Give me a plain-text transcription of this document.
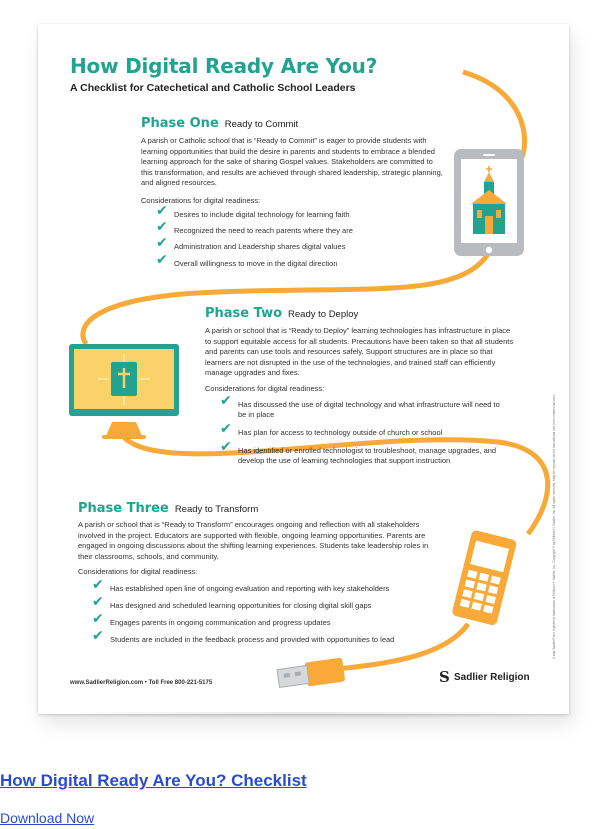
How Digital Ready Are You?
A Checklist for Catechetical and Catholic School Leaders
Phase One Ready to Commit
A parish or Catholic school that is “Ready to Commit” is eager to provide students with learning opportunities that build the desire in parents and students to embrace a blended learning approach for the sake of sharing Gospel values. Stakeholders are committed to this transformation, and results are achieved through shared leadership, strategic planning, and aligned resources.
Considerations for digital readiness:
✔ Desires to include digital technology for learning faith
✔ Recognized the need to reach parents where they are
✔ Administration and Leadership shares digital values
✔ Overall willingness to move in the digital direction
Phase Two Ready to Deploy
A parish or school that is “Ready to Deploy” learning technologies has infrastructure in place to support equitable access for all students. Precautions have been taken so that all students and parents can use tools and resources safely. Support structures are in place so that learners are not disrupted in the use of the technologies, and trained staff can efficiently manage upgrades and fixes.
Considerations for digital readiness:
✔ Has discussed the use of digital technology and what infrastructure will need to be in place
✔ Has plan for access to technology outside of church or school
✔ Has identified or enrolled technologist to troubleshoot, manage upgrades, and develop the use of learning technologies that support instruction
Phase Three Ready to Transform
A parish or school that is “Ready to Transform” encourages ongoing and reflection with all stakeholders involved in the project. Educators are supported with flexible, ongoing learning opportunities. Parents are engaged in ongoing discussions about the shifting learning experiences. Students take leadership roles in their classrooms, schools, and community.
Considerations for digital readiness:
✔ Has established open line of ongoing evaluation and reporting with key stakeholders
✔ Has designed and scheduled learning opportunities for closing digital skill gaps
✔ Engages parents in ongoing communication and progress updates
✔ Students are included in the feedback process and provided with opportunities to lead
www.SadlierReligion.com • Toll Free 800-221-5175	S Sadlier Religion
S and Sadlier® are registered trademarks of William H. Sadlier, Inc. Copyright © by William H. Sadlier, Inc. All rights reserved. May be reproduced for educational use (not commercial use).
How Digital Ready Are You? Checklist
Download Now
